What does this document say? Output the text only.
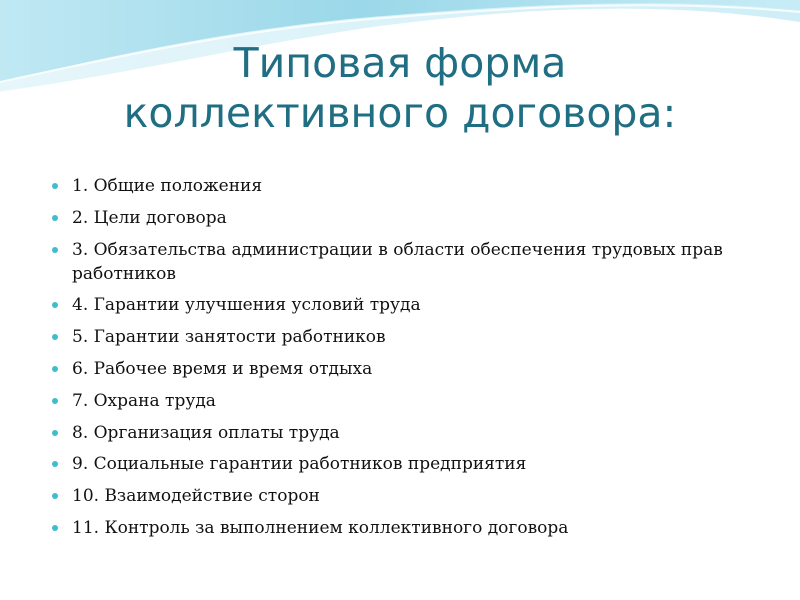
Типовая форма
коллективного договора:
1. Общие положения
2. Цели договора
3. Обязательства администрации в области обеспечения трудовых прав работников
4. Гарантии улучшения условий труда
5. Гарантии занятости работников
6. Рабочее время и время отдыха
7. Охрана труда
8. Организация оплаты труда
9. Социальные гарантии работников предприятия
10. Взаимодействие сторон
11. Контроль за выполнением коллективного договора
